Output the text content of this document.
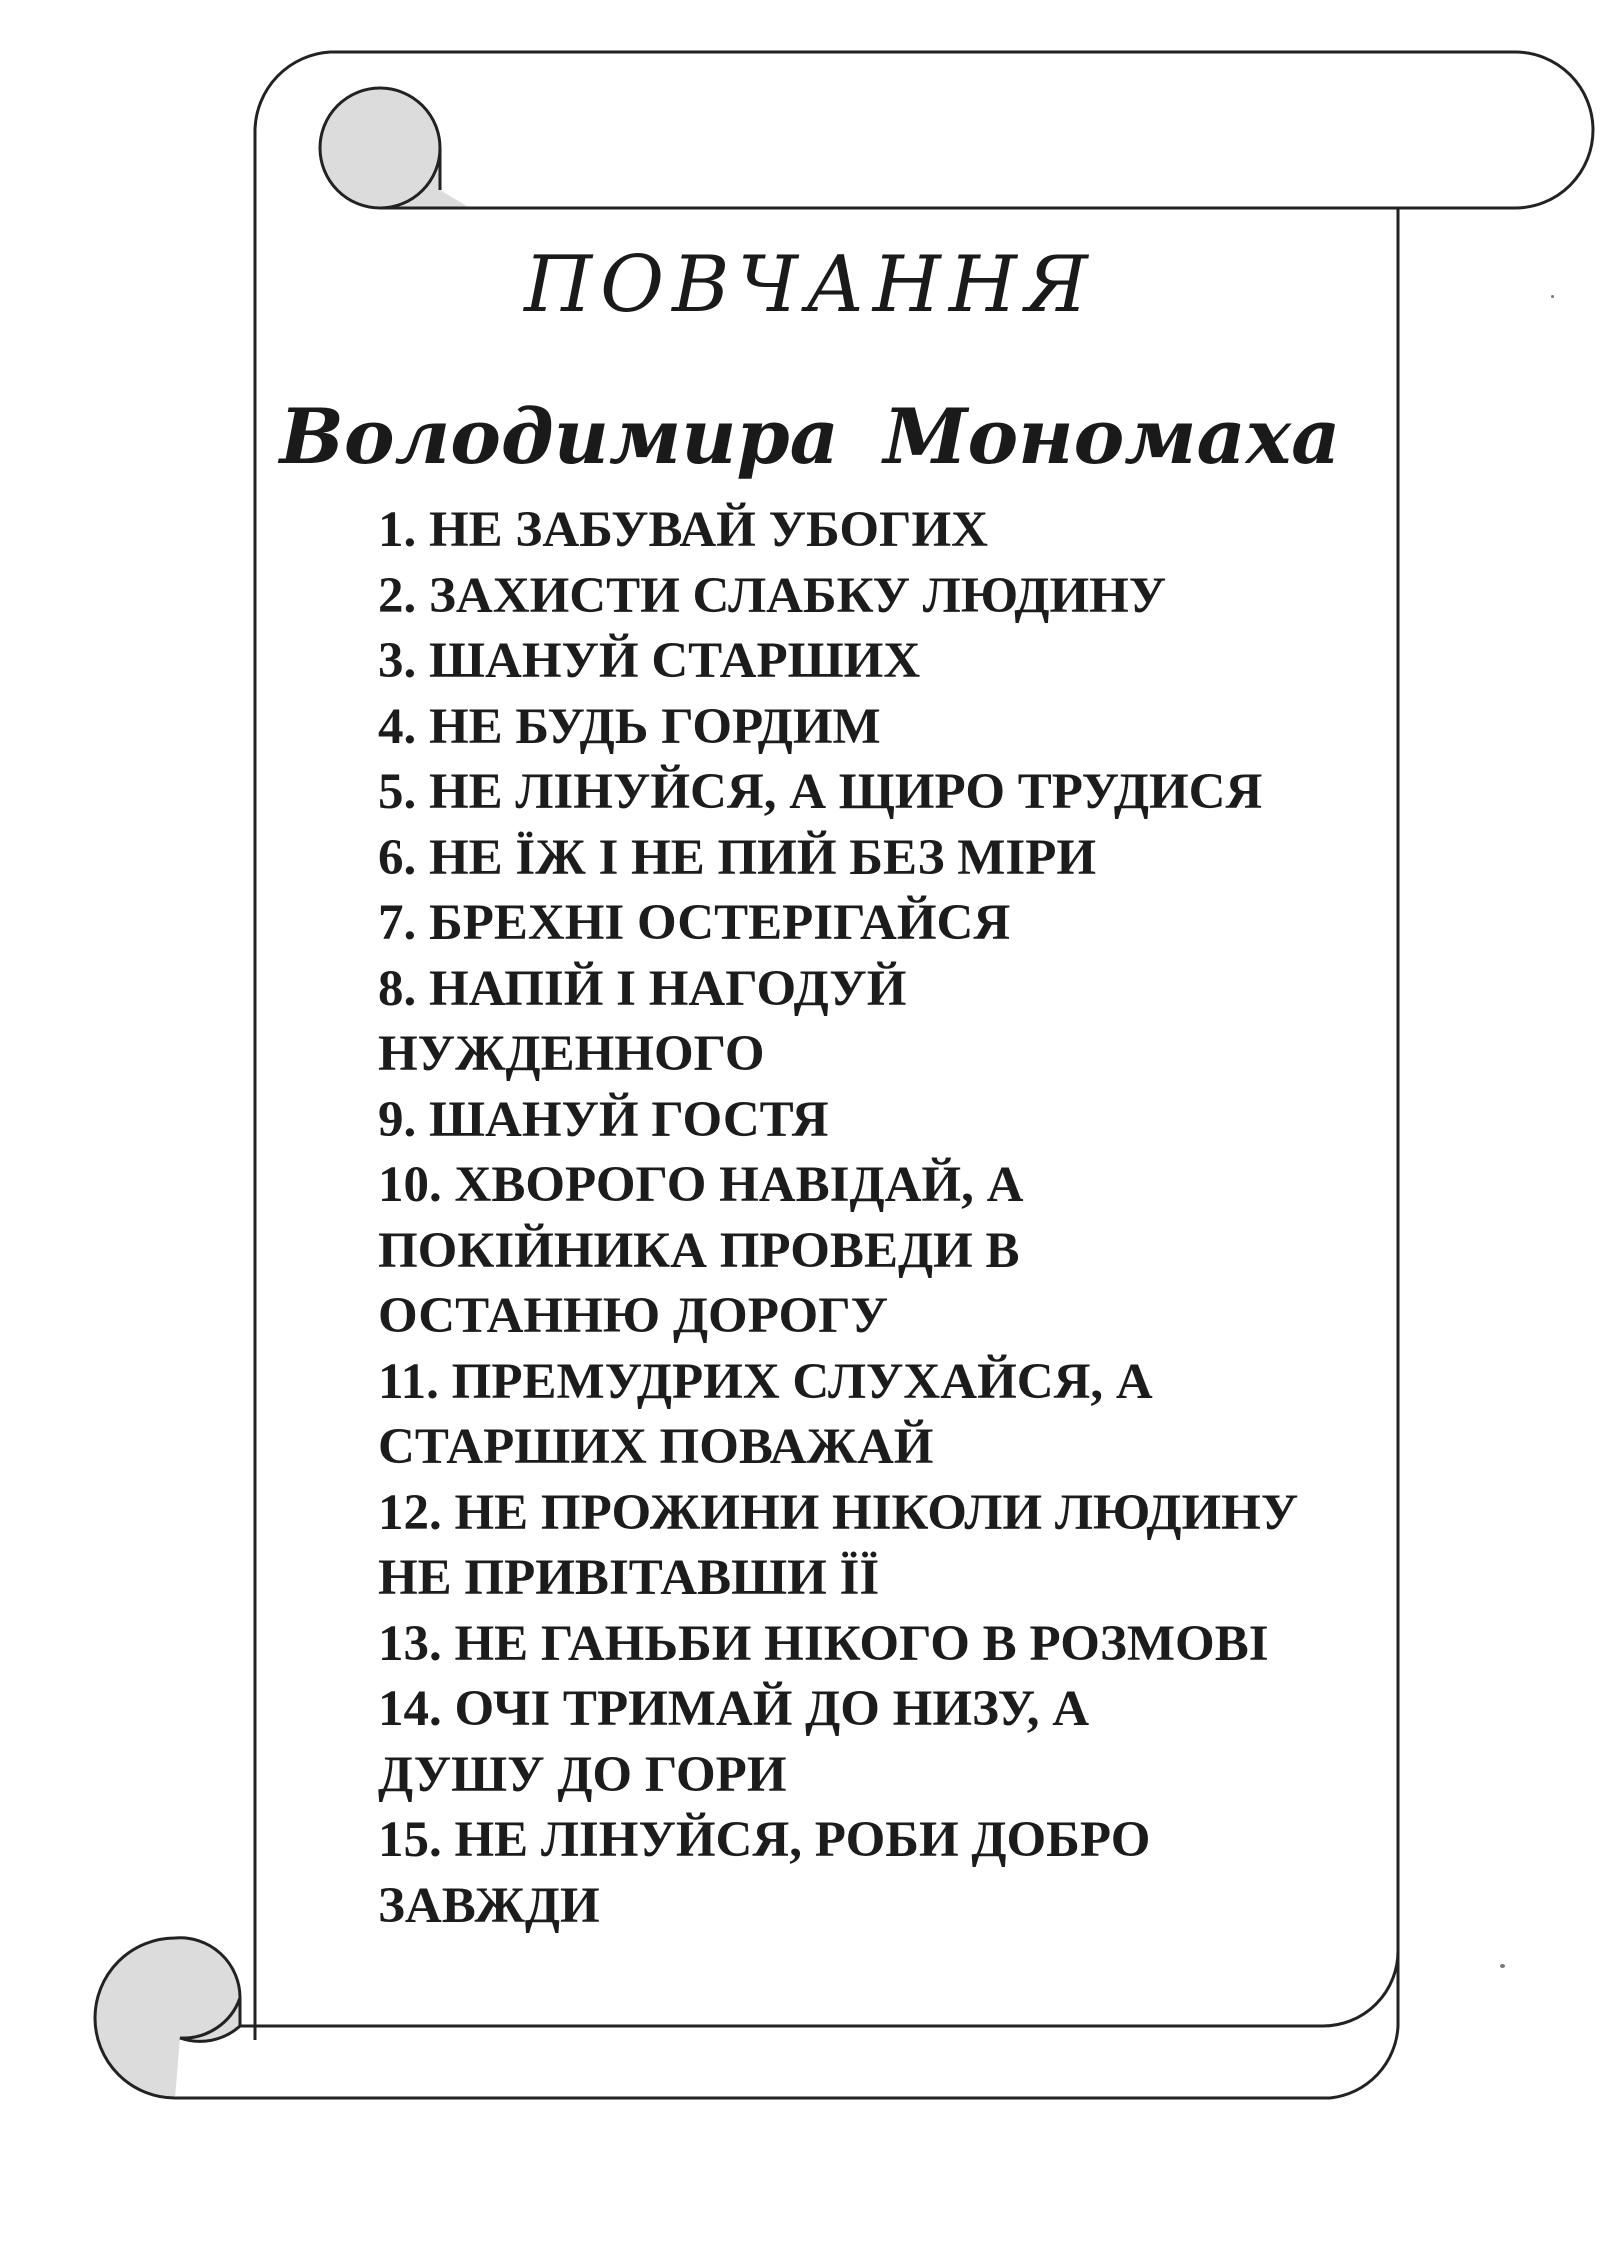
ПОВЧАННЯ
Володимира Мономаха
1. НЕ ЗАБУВАЙ УБОГИХ
2. ЗАХИСТИ СЛАБКУ ЛЮДИНУ
3. ШАНУЙ СТАРШИХ
4. НЕ БУДЬ ГОРДИМ
5. НЕ ЛІНУЙСЯ, А ЩИРО ТРУДИСЯ
6. НЕ ЇЖ І НЕ ПИЙ БЕЗ МІРИ
7. БРЕХНІ ОСТЕРІГАЙСЯ
8. НАПІЙ І НАГОДУЙ
НУЖДЕННОГО
9. ШАНУЙ ГОСТЯ
10. ХВОРОГО НАВІДАЙ, А
ПОКІЙНИКА ПРОВЕДИ В
ОСТАННЮ ДОРОГУ
11. ПРЕМУДРИХ СЛУХАЙСЯ, А
СТАРШИХ ПОВАЖАЙ
12. НЕ ПРОЖИНИ НІКОЛИ ЛЮДИНУ
НЕ ПРИВІТАВШИ ЇЇ
13. НЕ ГАНЬБИ НІКОГО В РОЗМОВІ
14. ОЧІ ТРИМАЙ ДО НИЗУ, А
ДУШУ ДО ГОРИ
15. НЕ ЛІНУЙСЯ, РОБИ ДОБРО
ЗАВЖДИ
